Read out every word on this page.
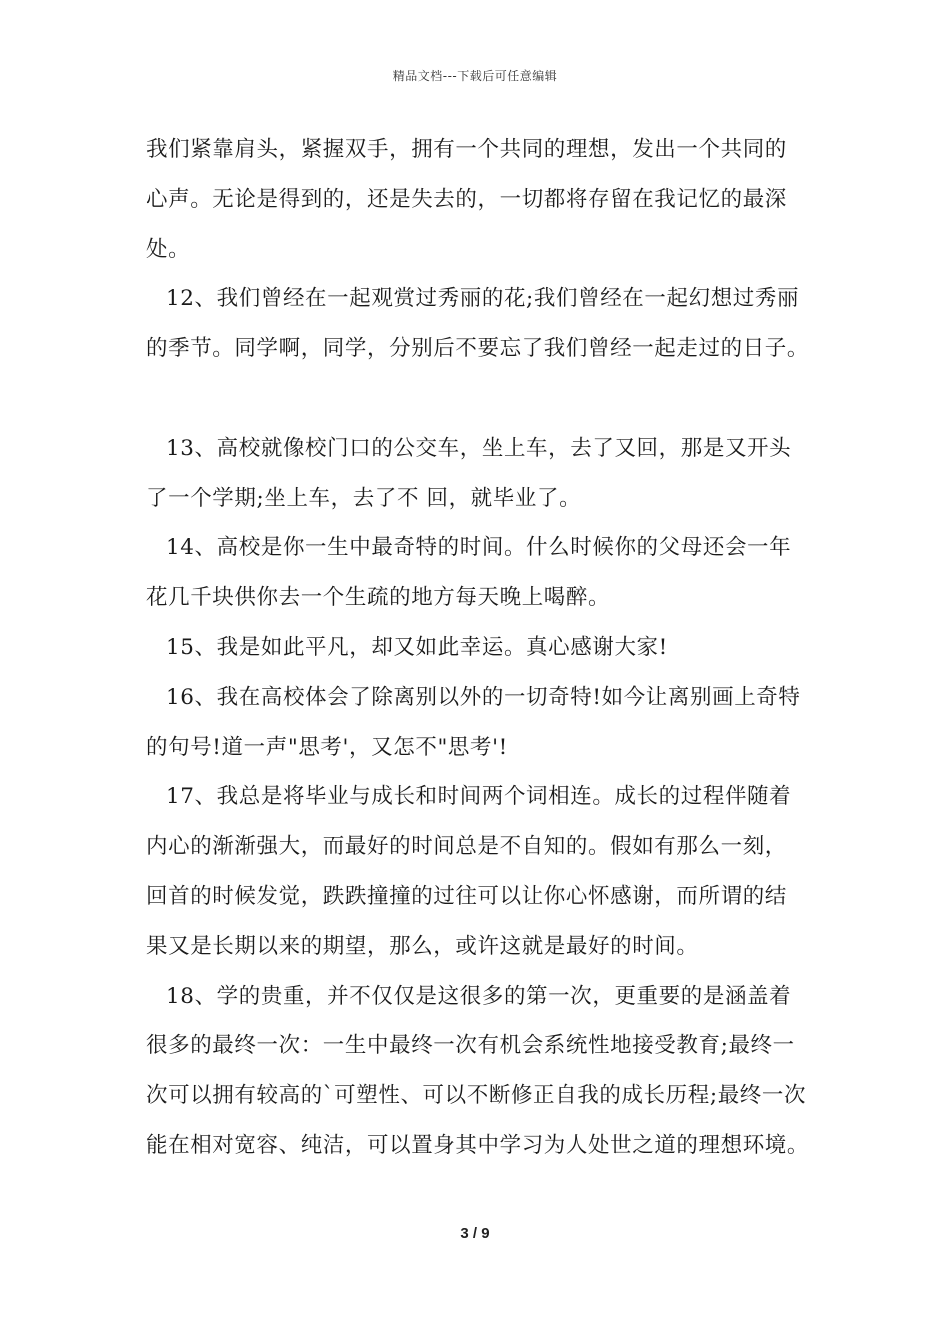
精品文档---下载后可任意编辑
我们紧靠肩头，紧握双手，拥有一个共同的理想，发出一个共同的
心声。无论是得到的，还是失去的，一切都将存留在我记忆的最深
处。
12、我们曾经在一起观赏过秀丽的花;我们曾经在一起幻想过秀丽
的季节。同学啊，同学，分别后不要忘了我们曾经一起走过的日子。
13、高校就像校门口的公交车，坐上车，去了又回，那是又开头
了一个学期;坐上车，去了不 回，就毕业了。
14、高校是你一生中最奇特的时间。什么时候你的父母还会一年
花几千块供你去一个生疏的地方每天晚上喝醉。
15、我是如此平凡，却又如此幸运。真心感谢大家!
16、我在高校体会了除离别以外的一切奇特!如今让离别画上奇特
的句号!道一声"思考'，又怎不"思考'!
17、我总是将毕业与成长和时间两个词相连。成长的过程伴随着
内心的渐渐强大，而最好的时间总是不自知的。假如有那么一刻，
回首的时候发觉，跌跌撞撞的过往可以让你心怀感谢，而所谓的结
果又是长期以来的期望，那么，或许这就是最好的时间。
18、学的贵重，并不仅仅是这很多的第一次，更重要的是涵盖着
很多的最终一次：一生中最终一次有机会系统性地接受教育;最终一
次可以拥有较高的`可塑性、可以不断修正自我的成长历程;最终一次
能在相对宽容、纯洁，可以置身其中学习为人处世之道的理想环境。
3 / 9
